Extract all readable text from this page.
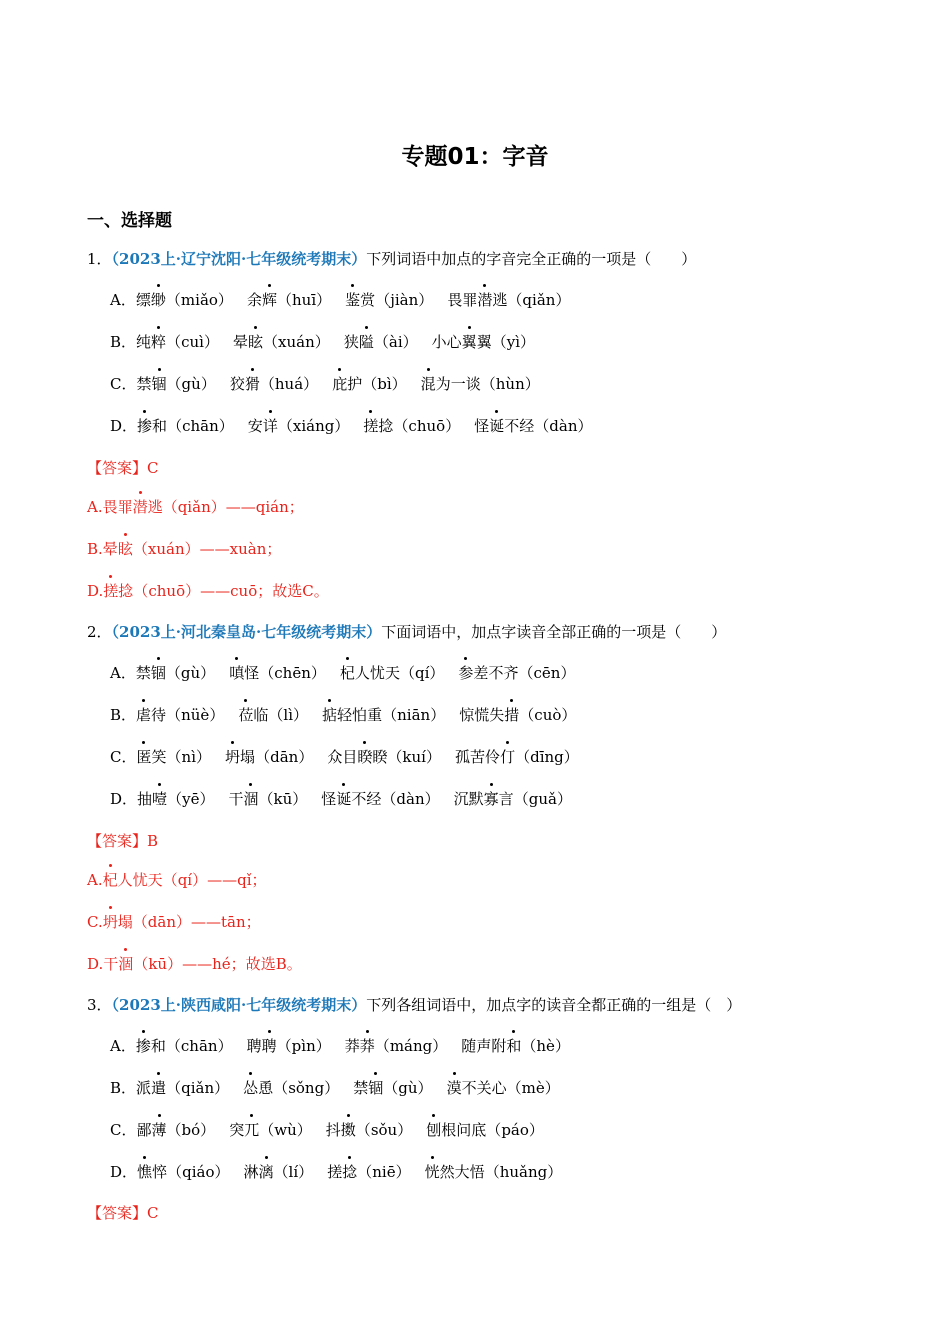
专题01：字音
一、选择题
1．（2023上·辽宁沈阳·七年级统考期末）下列词语中加点的字音完全正确的一项是（　　）
A．缥缈（miǎo） 余辉（huī） 鉴赏（jiàn） 畏罪潜逃（qiǎn）
B．纯粹（cuì） 晕眩（xuán） 狭隘（ài） 小心翼翼（yì）
C．禁锢（gù） 狡猾（huá） 庇护（bì） 混为一谈（hùn）
D．掺和（chān） 安详（xiáng） 搓捻（chuō） 怪诞不经（dàn）
【答案】C
A.畏罪潜逃（qiǎn）——qián；
B.晕眩（xuán）——xuàn；
D.搓捻（chuō）——cuō；故选C。
2．（2023上·河北秦皇岛·七年级统考期末）下面词语中，加点字读音全部正确的一项是（　　）
A．禁锢（gù） 嗔怪（chēn） 杞人忧天（qí） 参差不齐（cēn）
B．虐待（nüè） 莅临（lì） 掂轻怕重（niān） 惊慌失措（cuò）
C．匿笑（nì） 坍塌（dān） 众目睽睽（kuí） 孤苦伶仃（dīng）
D．抽噎（yē） 干涸（kū） 怪诞不经（dàn） 沉默寡言（guǎ）
【答案】B
A.杞人忧天（qí）——qǐ；
C.坍塌（dān）——tān；
D.干涸（kū）——hé；故选B。
3．（2023上·陕西咸阳·七年级统考期末）下列各组词语中，加点字的读音全都正确的一组是（　）
A．掺和（chān） 聘聘（pìn） 莽莽（máng） 随声附和（hè）
B．派遣（qiǎn） 怂恿（sǒng） 禁锢（gù） 漠不关心（mè）
C．鄙薄（bó） 突兀（wù） 抖擞（sǒu） 刨根问底（páo）
D．憔悴（qiáo） 淋漓（lí） 搓捻（niē） 恍然大悟（huǎng）
【答案】C
